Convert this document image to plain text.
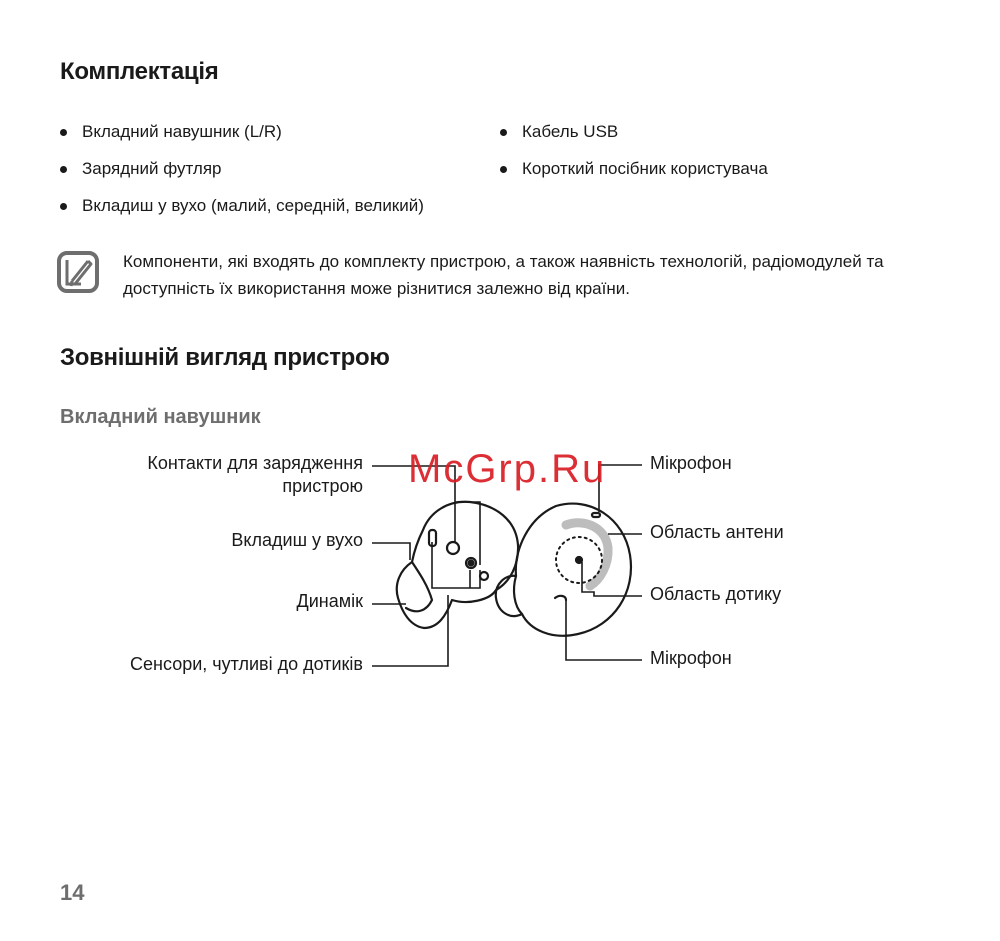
Комплектація
Вкладний навушник (L/R)	Кабель USB
Зарядний футляр	Короткий посібник користувача
Вкладиш у вухо (малий, середній, великий)
Компоненти, які входять до комплекту пристрою, а також наявність технологій, радіомодулей та доступність їх використання може різнитися залежно від країни.
Зовнішній вигляд пристрою
Вкладний навушник
Контакти для зарядження
пристрою
Вкладиш у вухо
Динамік
Сенсори, чутливі до дотиків
Мікрофон
Область антени
Область дотику
Мікрофон
McGrp.Ru
14
